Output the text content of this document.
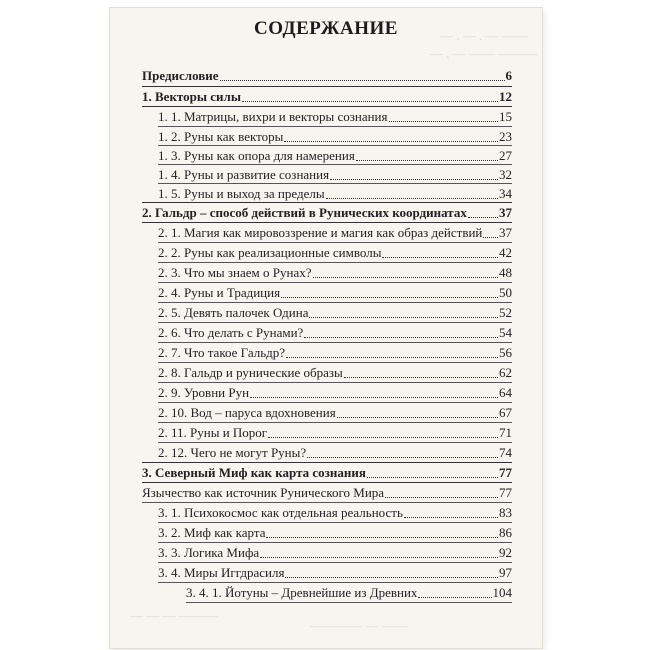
— . — . — ——
— . — —— ———
— — — ———
———— — ——
СОДЕРЖАНИЕ
Предисловие	6
1. Векторы силы	12
1. 1. Матрицы, вихри и векторы сознания	15
1. 2. Руны как векторы	23
1. 3. Руны как опора для намерения	27
1. 4. Руны и развитие сознания	32
1. 5. Руны и выход за пределы	34
2. Гальдр – способ действий в Рунических координатах 37
2. 1. Магия как мировоззрение и магия как образ действий 37
2. 2. Руны как реализационные символы	42
2. 3. Что мы знаем о Рунах?	48
2. 4. Руны и Традиция	50
2. 5. Девять палочек Одина	52
2. 6. Что делать с Рунами?	54
2. 7. Что такое Гальдр?	56
2. 8. Гальдр и рунические образы	62
2. 9. Уровни Рун	64
2. 10. Вод – паруса вдохновения	67
2. 11. Руны и Порог	71
2. 12. Чего не могут Руны?	74
3. Северный Миф как карта сознания	77
Язычество как источник Рунического Мира	77
3. 1. Психокосмос как отдельная реальность	83
3. 2. Миф как карта	86
3. 3. Логика Мифа	92
3. 4. Миры Иггдрасиля	97
3. 4. 1. Йотуны – Древнейшие из Древних	104
